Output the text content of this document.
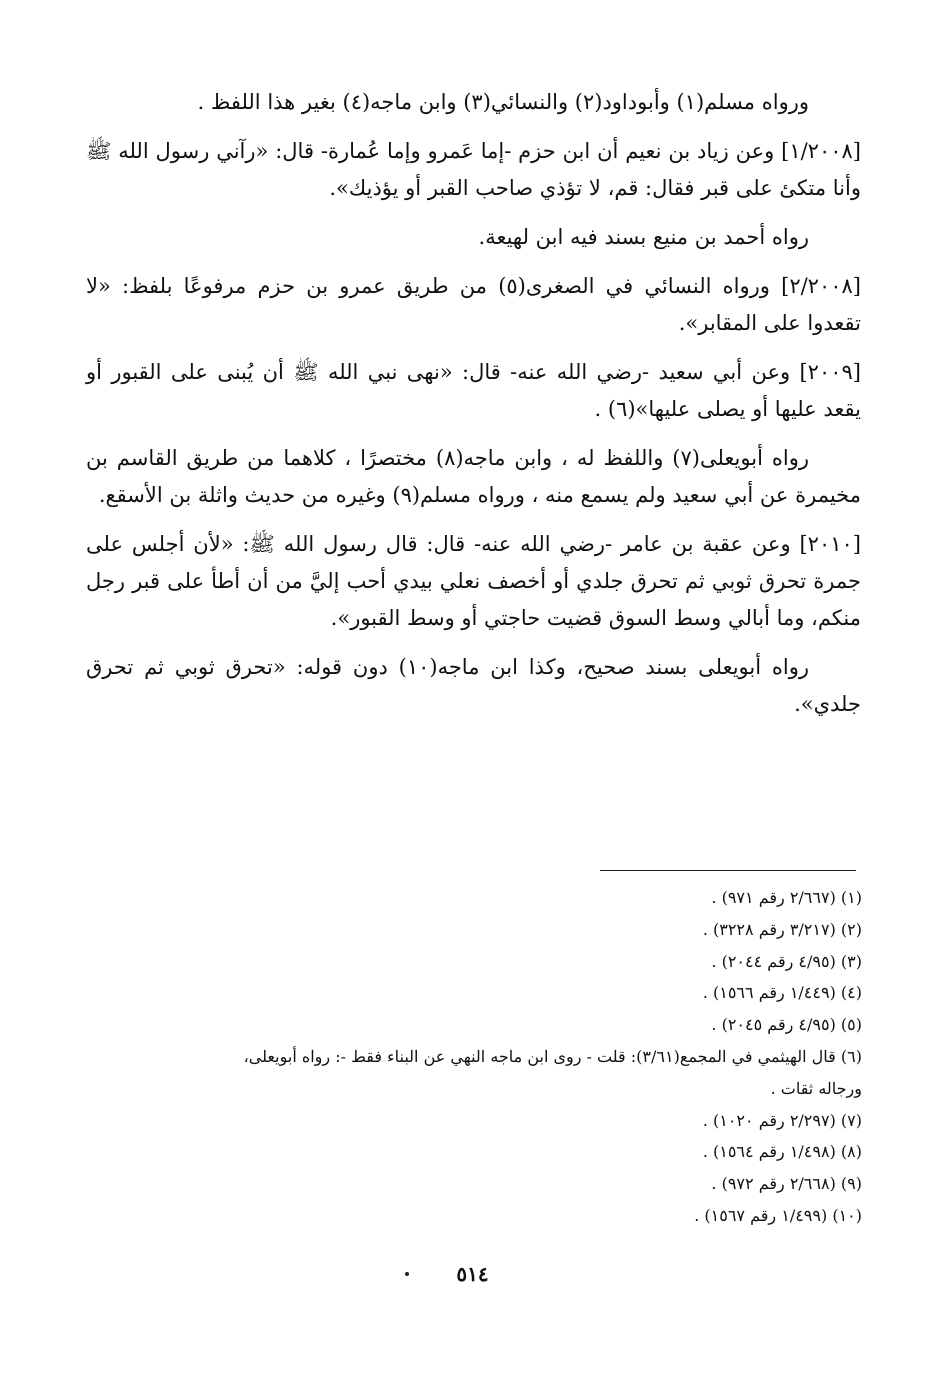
ورواه مسلم(١) وأبوداود(٢) والنسائي(٣) وابن ماجه(٤) بغير هذا اللفظ .

[١/٢٠٠٨] وعن زياد بن نعيم أن ابن حزم -إما عَمرو وإما عُمارة- قال: «رآني رسول الله ﷺ وأنا متكئ على قبر فقال: قم، لا تؤذي صاحب القبر أو يؤذيك».

رواه أحمد بن منيع بسند فيه ابن لهيعة.

[٢/٢٠٠٨] ورواه النسائي في الصغرى(٥) من طريق عمرو بن حزم مرفوعًا بلفظ: «لا تقعدوا على المقابر».

[٢٠٠٩] وعن أبي سعيد -رضي الله عنه- قال: «نهى نبي الله ﷺ أن يُبنى على القبور أو يقعد عليها أو يصلى عليها»(٦) .

رواه أبويعلى(٧) واللفظ له ، وابن ماجه(٨) مختصرًا ، كلاهما من طريق القاسم بن مخيمرة عن أبي سعيد ولم يسمع منه ، ورواه مسلم(٩) وغيره من حديث واثلة بن الأسقع.

[٢٠١٠] وعن عقبة بن عامر -رضي الله عنه- قال: قال رسول الله ﷺ: «لأن أجلس على جمرة تحرق ثوبي ثم تحرق جلدي أو أخصف نعلي بيدي أحب إليَّ من أن أطأ على قبر رجل منكم، وما أبالي وسط السوق قضيت حاجتي أو وسط القبور».

رواه أبويعلى بسند صحيح، وكذا ابن ماجه(١٠) دون قوله: «تحرق ثوبي ثم تحرق جلدي».

(١) (٢/٦٦٧ رقم ٩٧١) .

(٢) (٣/٢١٧ رقم ٣٢٢٨) .

(٣) (٤/٩٥ رقم ٢٠٤٤) .

(٤) (١/٤٤٩ رقم ١٥٦٦) .

(٥) (٤/٩٥ رقم ٢٠٤٥) .

(٦) قال الهيثمي في المجمع(٣/٦١): قلت - روى ابن ماجه النهي عن البناء فقط -: رواه أبويعلى، ورجاله ثقات .

(٧) (٢/٢٩٧ رقم ١٠٢٠) .

(٨) (١/٤٩٨ رقم ١٥٦٤) .

(٩) (٢/٦٦٨ رقم ٩٧٢) .

(١٠) (١/٤٩٩ رقم ١٥٦٧) .

٥١٤
